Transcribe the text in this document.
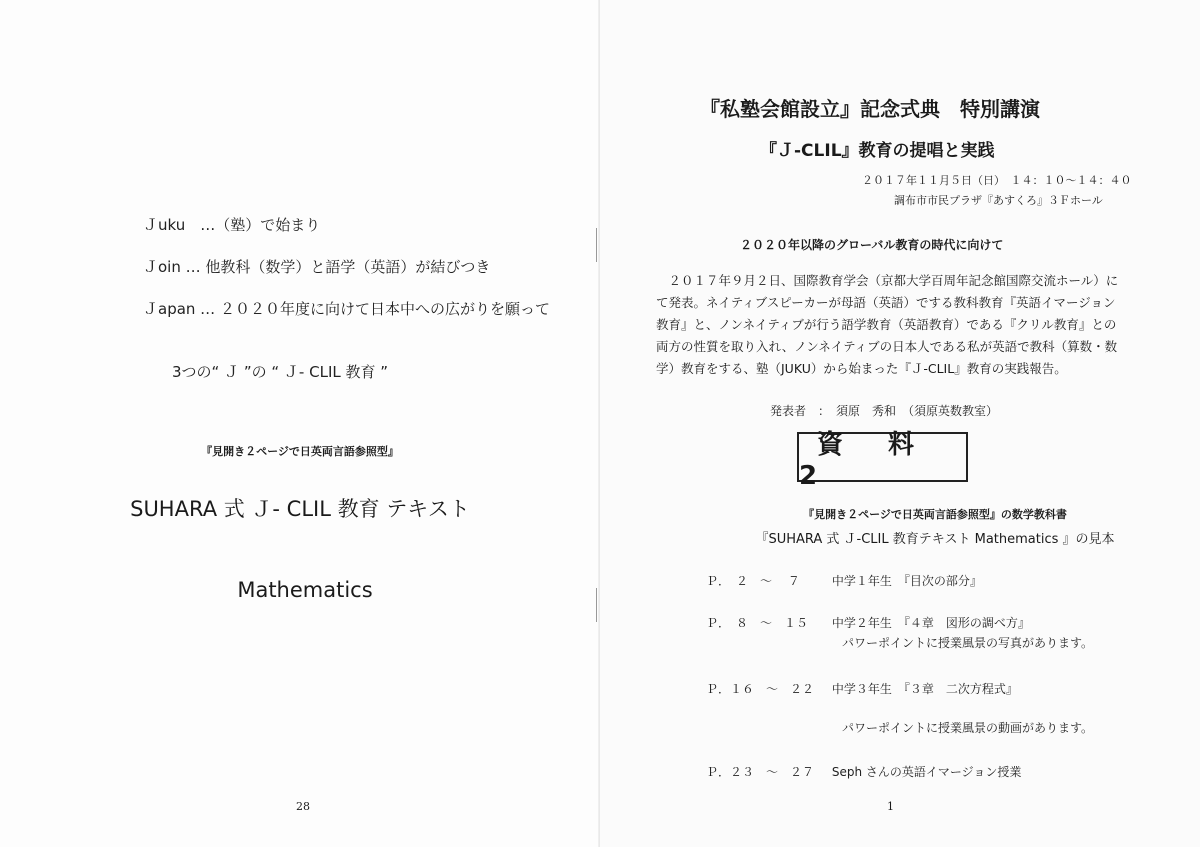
Ｊuku　…（塾）で始まり
Ｊoin … 他教科（数学）と語学（英語）が結びつき
Ｊapan … ２０２０年度に向けて日本中への広がりを願って
3つの“ Ｊ ”の “ Ｊ- CLIL 教育 ”
『見開き２ページで日英両言語参照型』
SUHARA 式 Ｊ- CLIL 教育 テキスト
Mathematics
28
『私塾会館設立』記念式典　特別講演
『Ｊ-CLIL』教育の提唱と実践
２０１７年１１月５日（日）　１４：１０～１４：４０
調布市市民プラザ『あすくろ』３Ｆホール
２０２０年以降のグローバル教育の時代に向けて
　２０１７年９月２日、国際教育学会（京都大学百周年記念館国際交流ホール）に
て発表。ネイティブスピーカーが母語（英語）でする教科教育『英語イマージョン
教育』と、ノンネイティブが行う語学教育（英語教育）である『クリル教育』との
両方の性質を取り入れ、ノンネイティブの日本人である私が英語で教科（算数・数
学）教育をする、塾（JUKU）から始まった『Ｊ-CLIL』教育の実践報告。
発表者　：　須原　秀和　（須原英数教室）
資 料 2
『見開き２ページで日英両言語参照型』の数学教科書
『SUHARA 式 Ｊ-CLIL 教育テキスト Mathematics 』の見本
Ｐ．　２　～　 ７	中学１年生　『目次の部分』
Ｐ．　８　～　１５ 中学２年生　『４章　図形の調べ方』
パワーポイントに授業風景の写真があります。
Ｐ．１６　～　２２ 中学３年生　『３章　二次方程式』
パワーポイントに授業風景の動画があります。
Ｐ．２３　～　２７ Seph さんの英語イマージョン授業
1
